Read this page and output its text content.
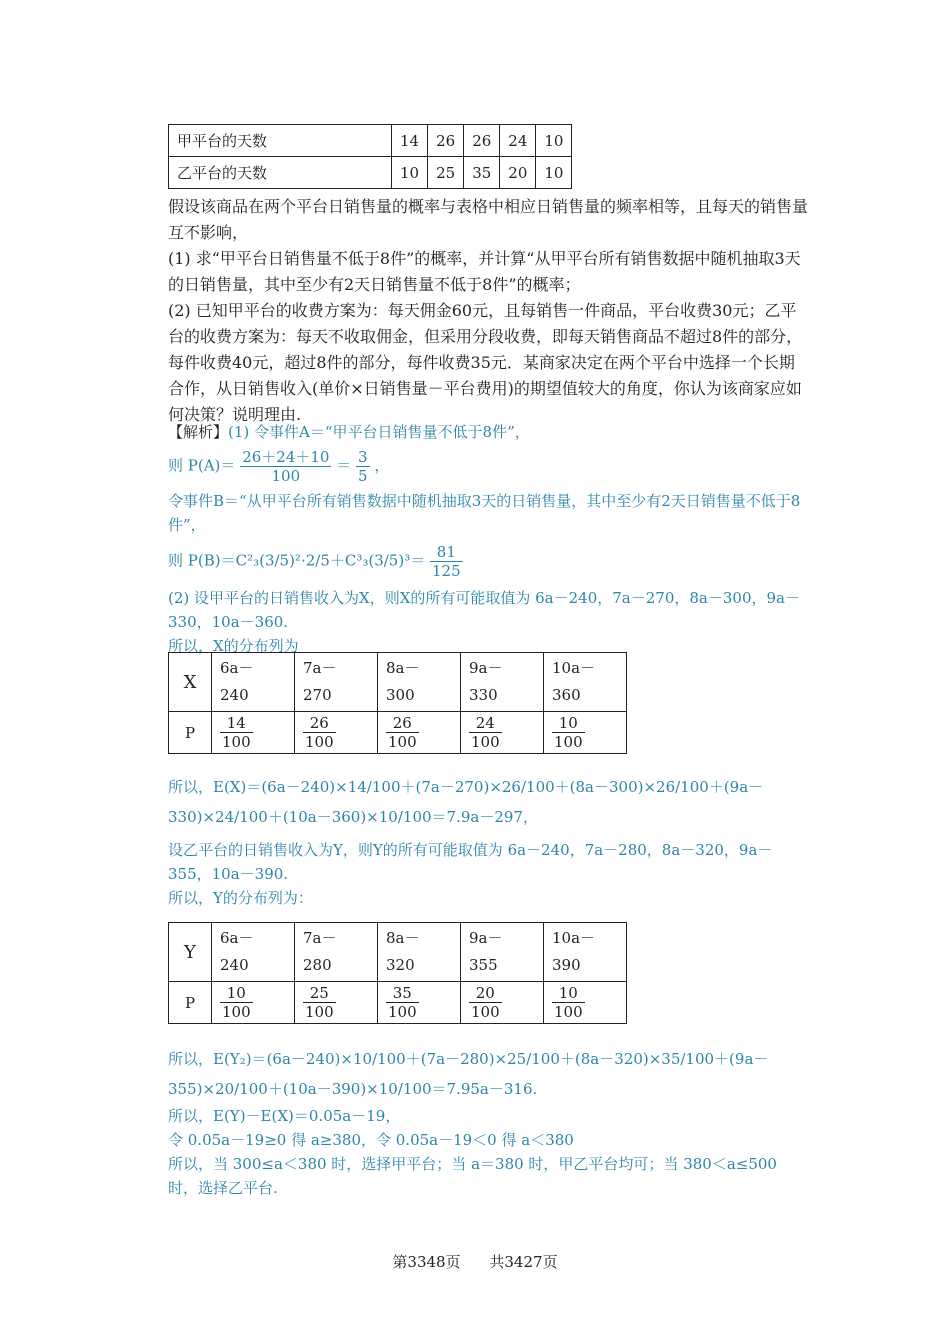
甲平台的天数	14	26	26	24	10
乙平台的天数	10	25	35	20	10
假设该商品在两个平台日销售量的概率与表格中相应日销售量的频率相等，且每天的销售量互不影响，
(1) 求“甲平台日销售量不低于8件”的概率，并计算“从甲平台所有销售数据中随机抽取3天的日销售量，其中至少有2天日销售量不低于8件”的概率；
(2) 已知甲平台的收费方案为：每天佣金60元，且每销售一件商品，平台收费30元；乙平台的收费方案为：每天不收取佣金，但采用分段收费，即每天销售商品不超过8件的部分，每件收费40元，超过8件的部分，每件收费35元．某商家决定在两个平台中选择一个长期合作，从日销售收入(单价×日销售量－平台费用)的期望值较大的角度，你认为该商家应如何决策？说明理由.
【解析】(1) 令事件A＝“甲平台日销售量不低于8件”，
则 $P(A)= \frac{26+24+10}{100} = \frac{3}{5}$ ，
令事件B＝“从甲平台所有销售数据中随机抽取3天的日销售量，其中至少有2天日销售量不低于8件”，
则 $P(B)=C^2_3(3/5)^2\cdot 2/5+C^3_3(3/5)^3= \frac{81}{125}$
(2) 设甲平台的日销售收入为X，则X的所有可能取值为 6a－240，7a－270，8a－300，9a－330，10a－360.
所以，X的分布列为
X	6a－240	7a－270	8a－300	9a－330	10a－360

P	$\frac{14}{100}$	$\frac{26}{100}$	$\frac{26}{100}$	$\frac{24}{100}$	$\frac{10}{100}$
所以，E(X)＝(6a－240)×14/100＋(7a－270)×26/100＋(8a－300)×26/100＋(9a－330)×24/100＋(10a－360)×10/100＝7.9a－297，
设乙平台的日销售收入为Y，则Y的所有可能取值为 6a－240，7a－280，8a－320，9a－355，10a－390.
所以，Y的分布列为：
Y	6a－240	7a－280	8a－320	9a－355	10a－390

P	$\frac{10}{100}$	$\frac{25}{100}$	$\frac{35}{100}$	$\frac{20}{100}$	$\frac{10}{100}$
所以，E(Y₂)＝(6a－240)×10/100＋(7a－280)×25/100＋(8a－320)×35/100＋(9a－355)×20/100＋(10a－390)×10/100＝7.95a－316.
所以，E(Y)－E(X)＝0.05a－19，
令 0.05a－19≥0 得 a≥380，令 0.05a－19＜0 得 a＜380
所以，当 300≤a＜380 时，选择甲平台；当 a＝380 时，甲乙平台均可；当 380＜a≤500 时，选择乙平台.
第3348页 共3427页
